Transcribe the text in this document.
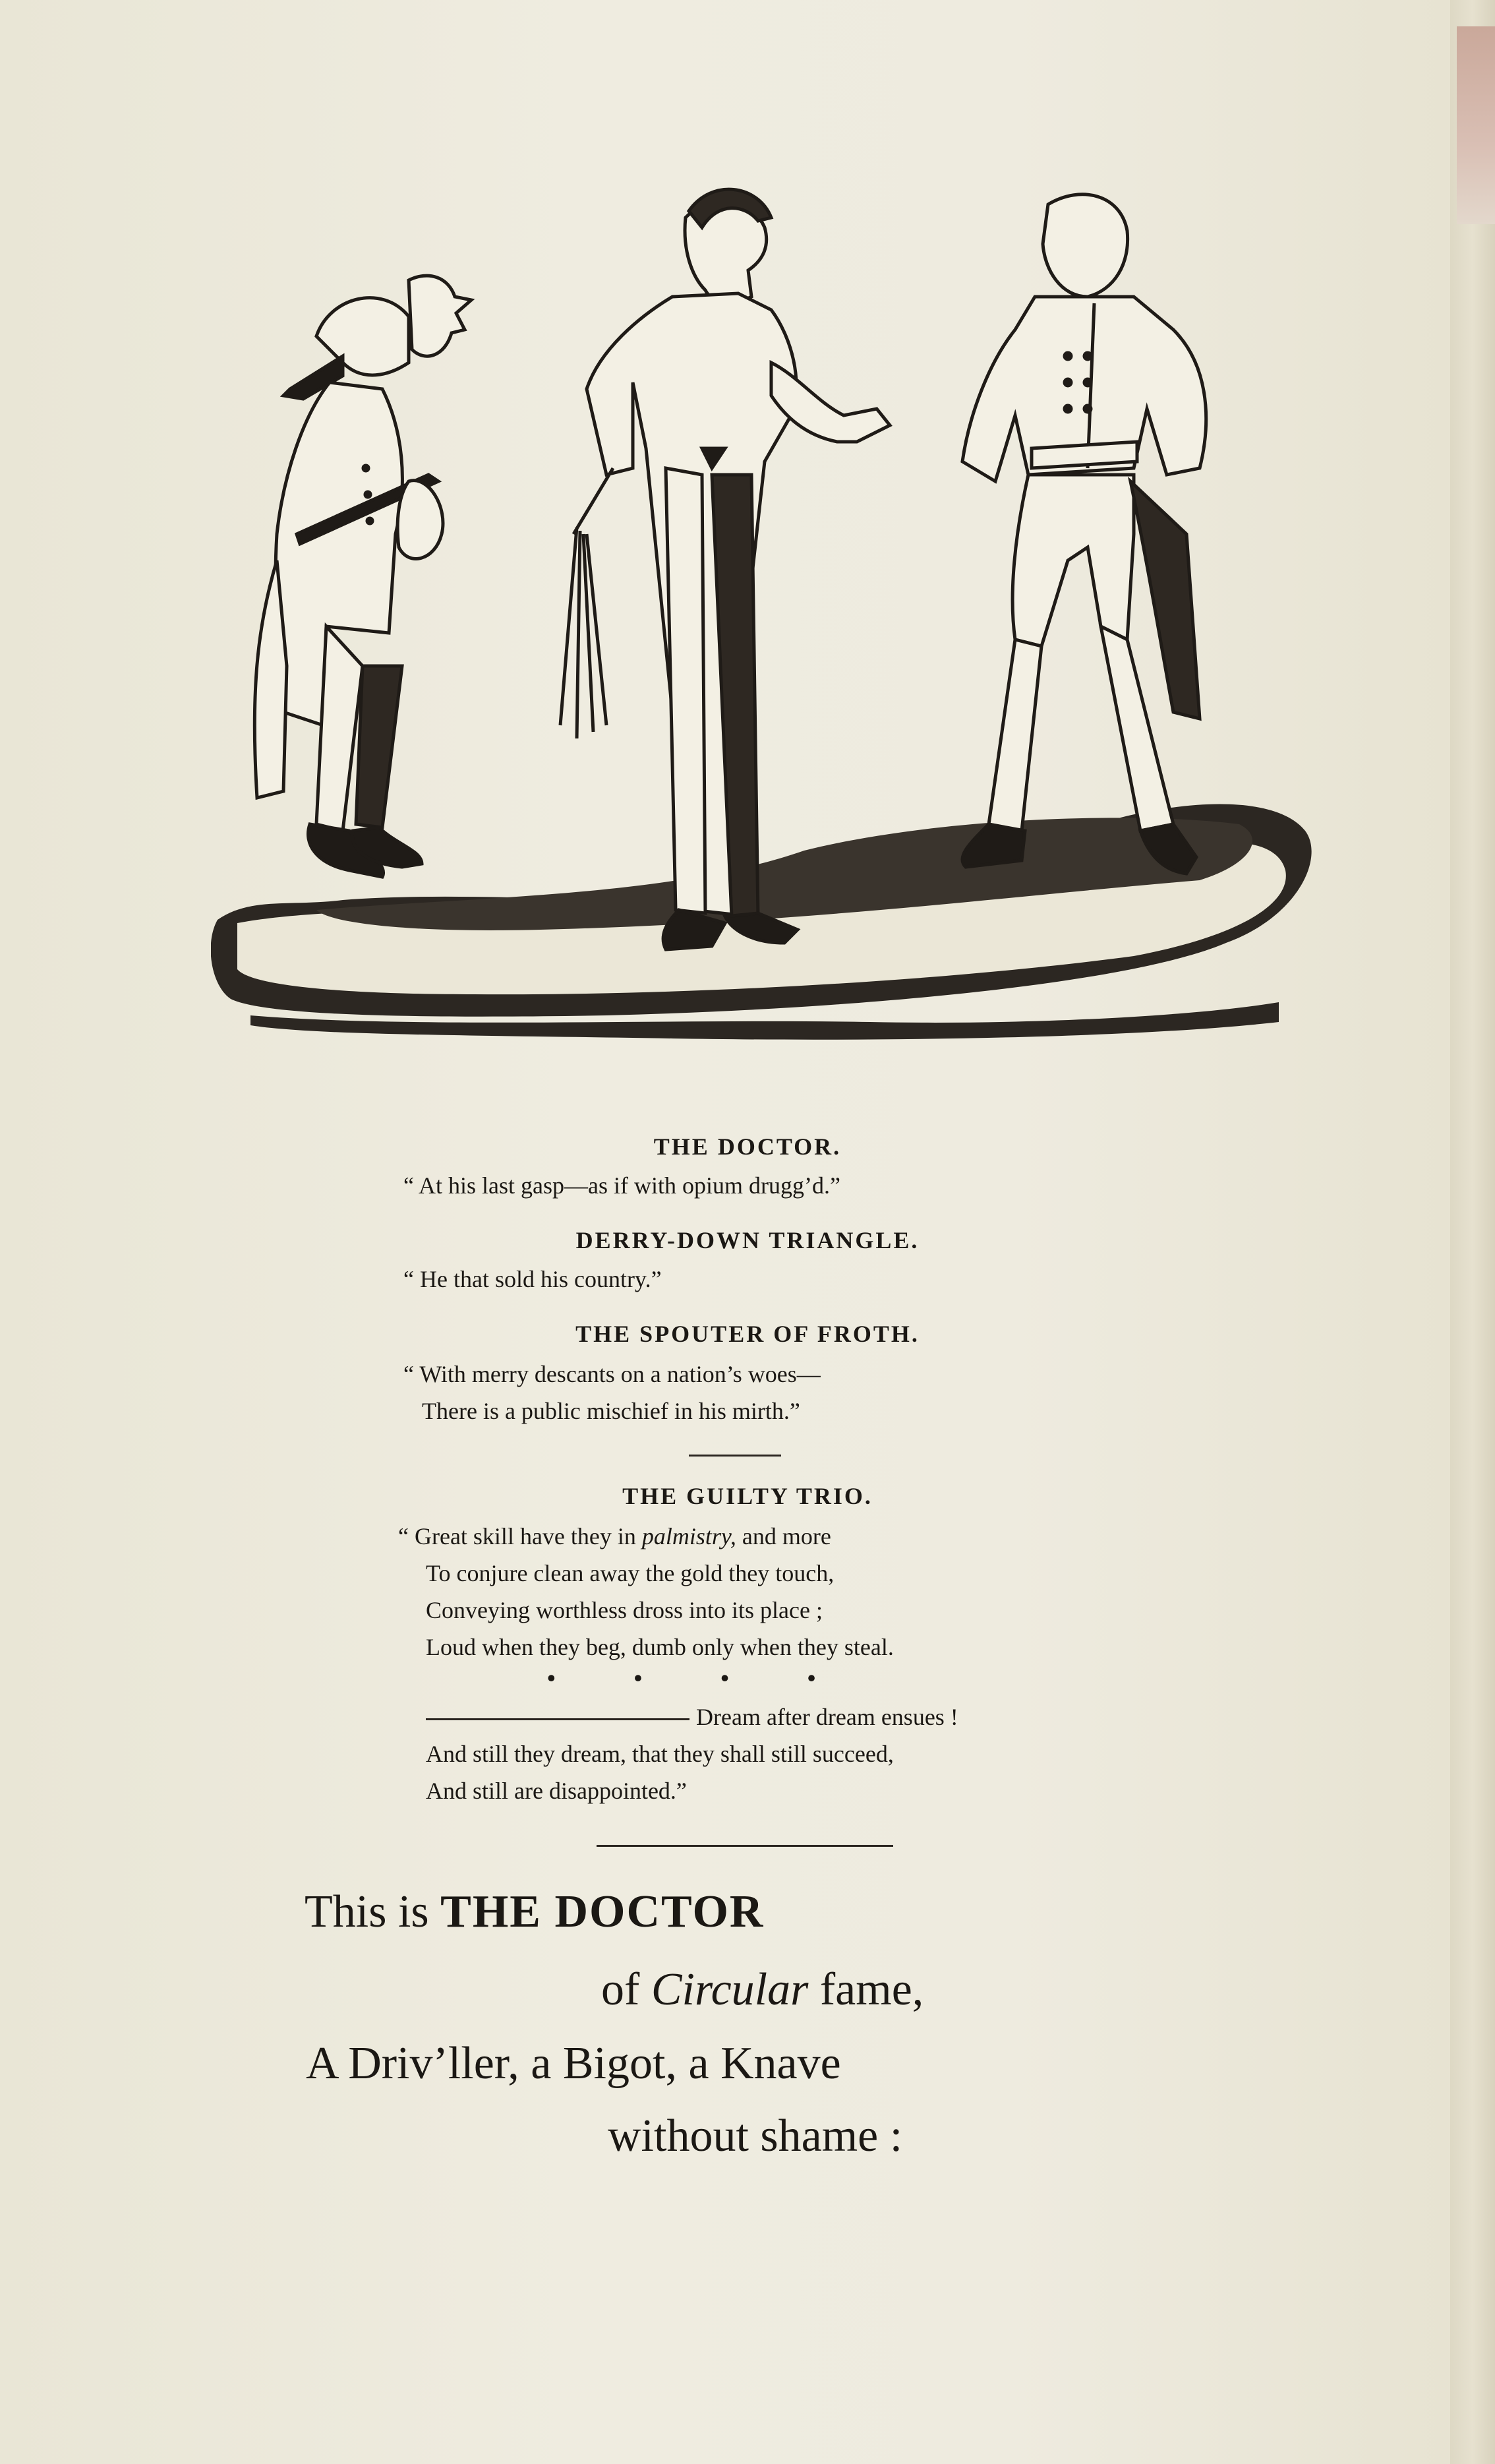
THE DOCTOR.
“ At his last gasp—as if with opium drugg’d.”
DERRY-DOWN TRIANGLE.
“ He that sold his country.”
THE SPOUTER OF FROTH.
“ With merry descants on a nation’s woes—
There is a public mischief in his mirth.”
THE GUILTY TRIO.
“ Great skill have they in palmistry, and more
To conjure clean away the gold they touch,
Conveying worthless dross into its place ;
Loud when they beg, dumb only when they steal.
• • • •
Dream after dream ensues !
And still they dream, that they shall still succeed,
And still are disappointed.”
This is THE DOCTOR
of Circular fame,
A Driv’ller, a Bigot, a Knave
without shame :
